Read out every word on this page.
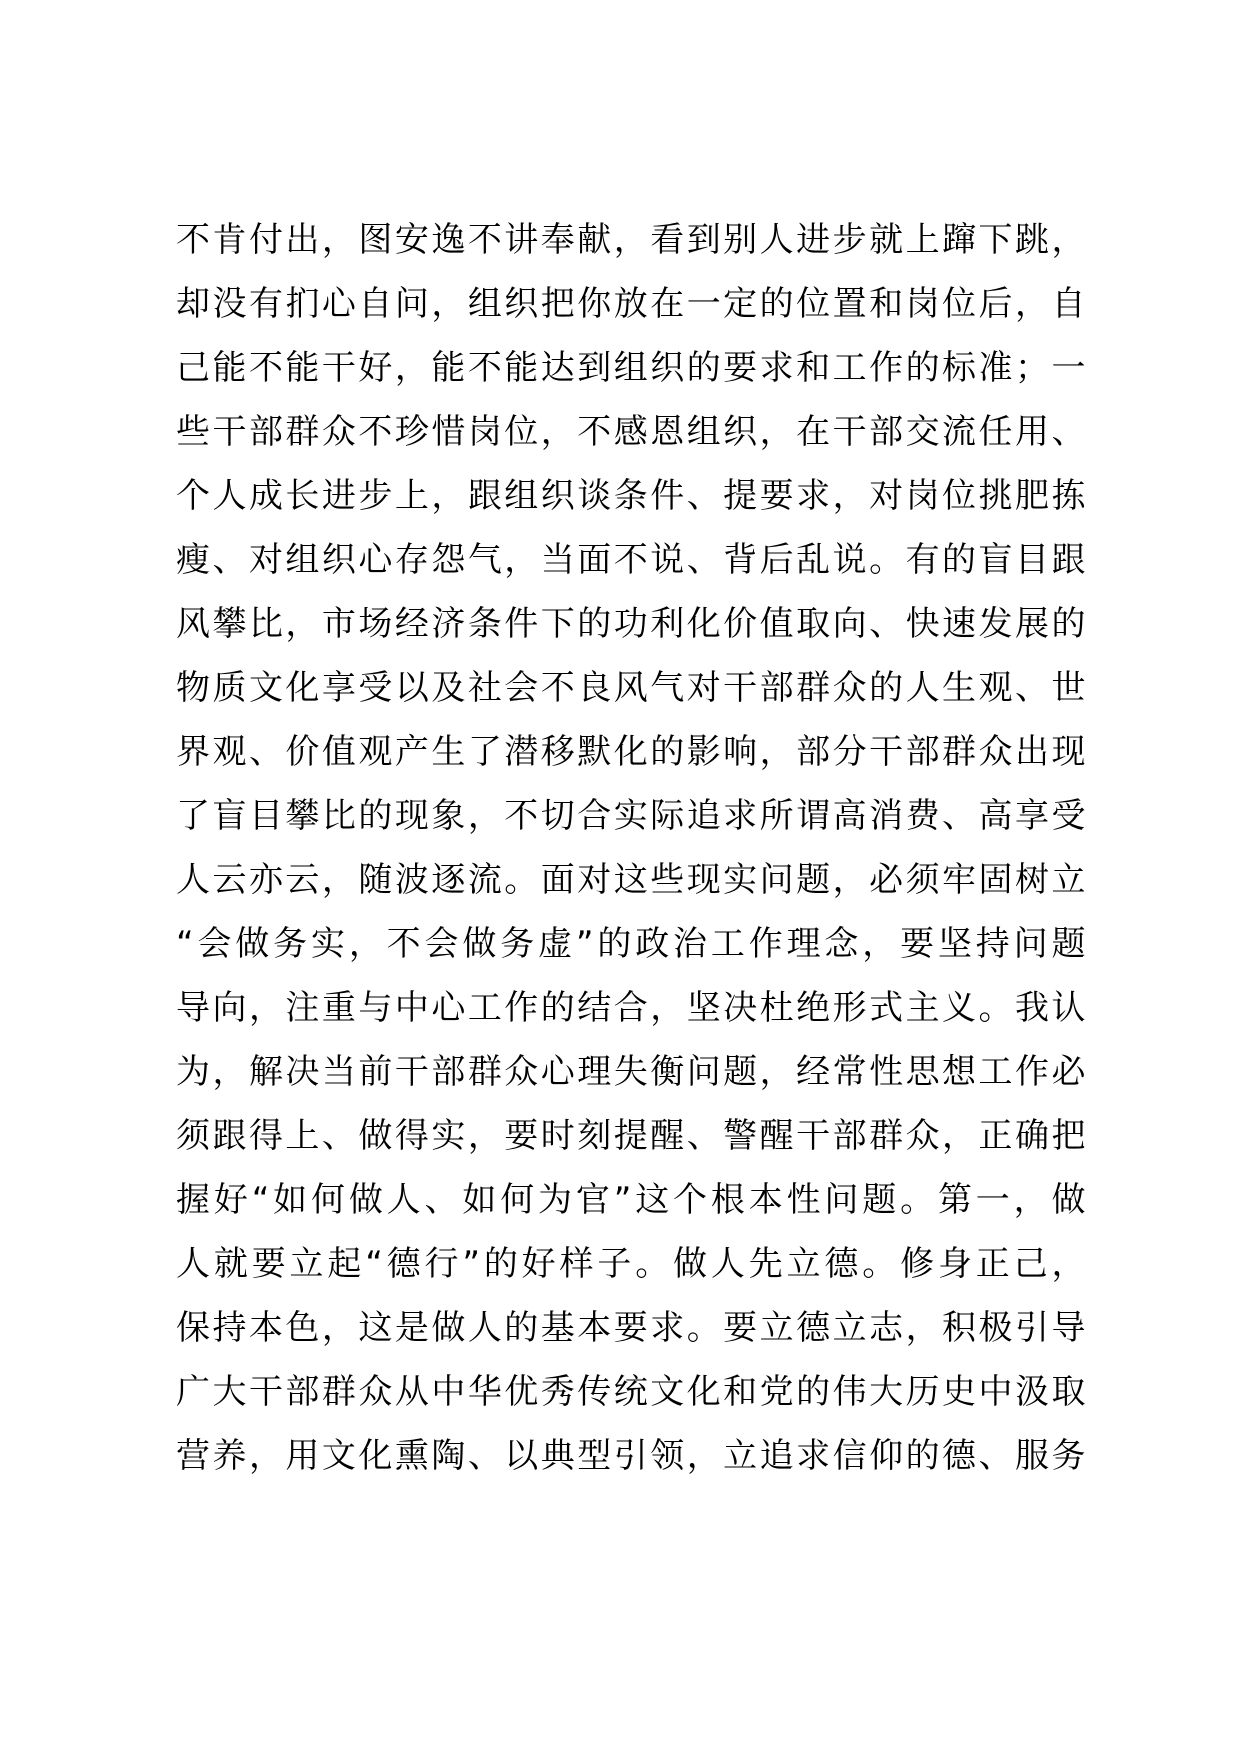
不肯付出，图安逸不讲奉献，看到别人进步就上蹿下跳，
却没有扪心自问，组织把你放在一定的位置和岗位后，自
己能不能干好，能不能达到组织的要求和工作的标准；一
些干部群众不珍惜岗位，不感恩组织，在干部交流任用、
个人成长进步上，跟组织谈条件、提要求，对岗位挑肥拣
瘦、对组织心存怨气，当面不说、背后乱说。有的盲目跟
风攀比，市场经济条件下的功利化价值取向、快速发展的
物质文化享受以及社会不良风气对干部群众的人生观、世
界观、价值观产生了潜移默化的影响，部分干部群众出现
了盲目攀比的现象，不切合实际追求所谓高消费、高享受
人云亦云，随波逐流。面对这些现实问题，必须牢固树立
“会做务实，不会做务虚”的政治工作理念，要坚持问题
导向，注重与中心工作的结合，坚决杜绝形式主义。我认
为，解决当前干部群众心理失衡问题，经常性思想工作必
须跟得上、做得实，要时刻提醒、警醒干部群众，正确把
握好“如何做人、如何为官”这个根本性问题。第一，做
人就要立起“德行”的好样子。做人先立德。修身正己，
保持本色，这是做人的基本要求。要立德立志，积极引导
广大干部群众从中华优秀传统文化和党的伟大历史中汲取
营养，用文化熏陶、以典型引领，立追求信仰的德、服务
